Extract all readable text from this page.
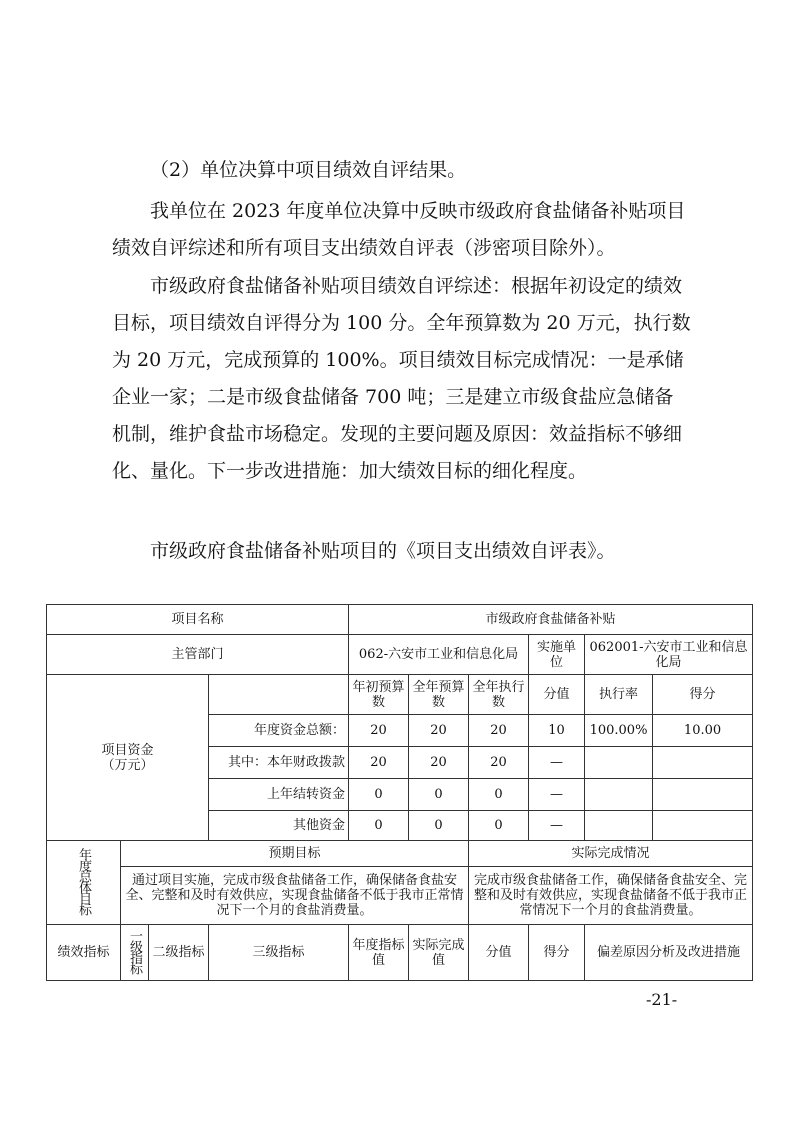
（2）单位决算中项目绩效自评结果。

我单位在 2023 年度单位决算中反映市级政府食盐储备补贴项目绩效自评综述和所有项目支出绩效自评表（涉密项目除外）。

市级政府食盐储备补贴项目绩效自评综述：根据年初设定的绩效目标，项目绩效自评得分为 100 分。全年预算数为 20 万元，执行数为 20 万元，完成预算的 100%。项目绩效目标完成情况：一是承储企业一家；二是市级食盐储备 700 吨；三是建立市级食盐应急储备机制，维护食盐市场稳定。发现的主要问题及原因：效益指标不够细化、量化。下一步改进措施：加大绩效目标的细化程度。

市级政府食盐储备补贴项目的《项目支出绩效自评表》。

项目名称				市级政府食盐储备补贴					
主管部门				062-六安市工业和信息化局			实施单位	062001-六安市工业和信息化局	
项目资金（万元）				年初预算数	全年预算数	全年执行数	分值	执行率	得分
			年度资金总额：	20	20	20	10	100.00%	10.00
			其中：本年财政拨款	20	20	20	—		
			上年结转资金	0	0	0	—		
			其他资金	0	0	0	—		
年度总体目标	预期目标					实际完成情况			
	通过项目实施，完成市级食盐储备工作，确保储备食盐安全、完整和及时有效供应，实现食盐储备不低于我市正常情况下一个月的食盐消费量。					完成市级食盐储备工作，确保储备食盐安全、完整和及时有效供应，实现食盐储备不低于我市正常情况下一个月的食盐消费量。			
绩效指标	一级指标	二级指标	三级指标	年度指标值	实际完成值	分值	得分	偏差原因分析及改进措施	
-21-
